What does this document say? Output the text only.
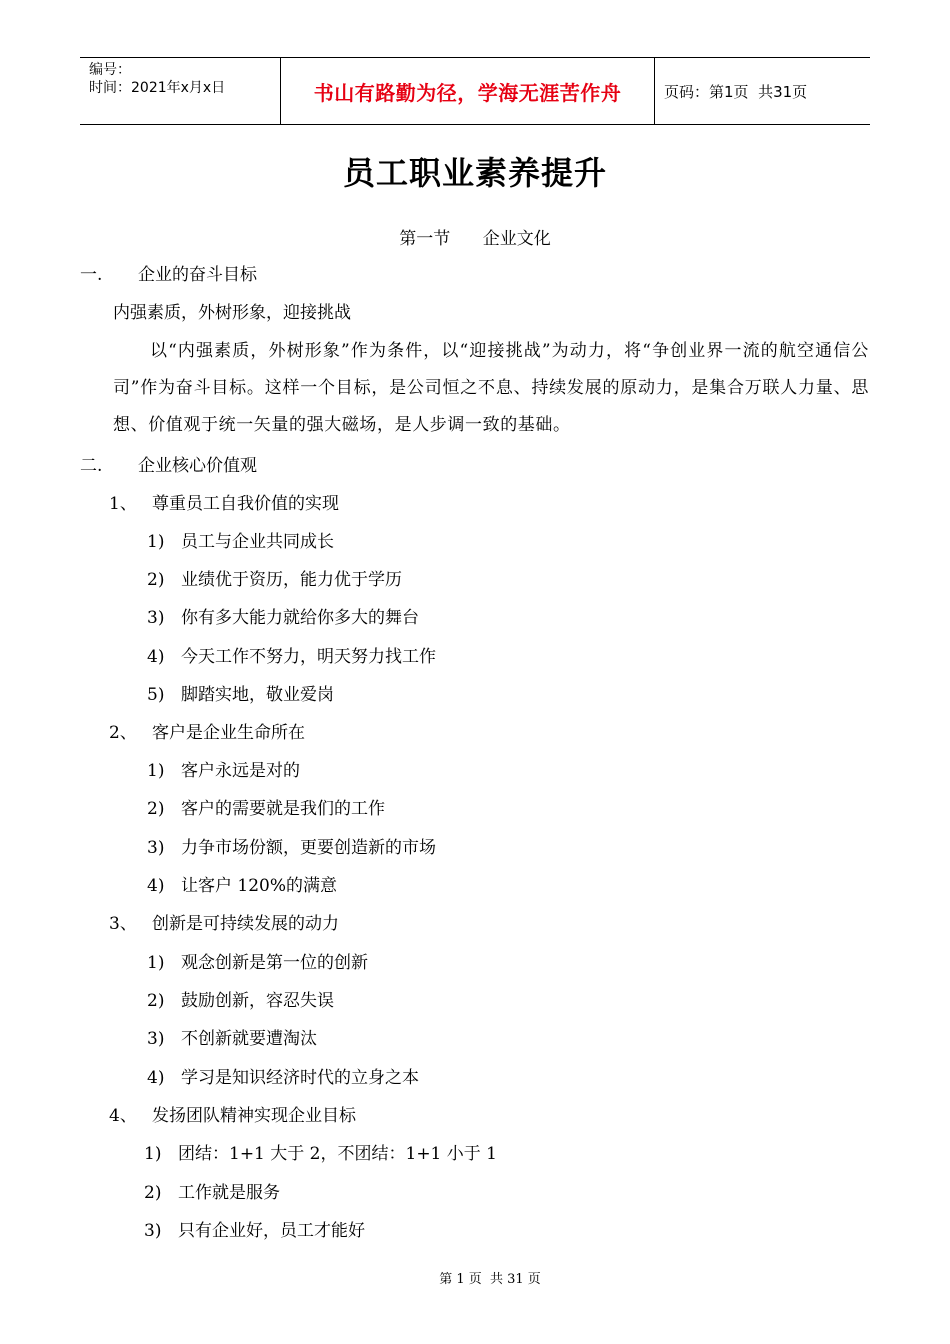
编号：
时间：2021年x月x日	书山有路勤为径，学海无涯苦作舟	页码：第1页  共31页
员工职业素养提升
第一节      企业文化
一. 企业的奋斗目标
内强素质，外树形象，迎接挑战
以“内强素质，外树形象”作为条件，以“迎接挑战”为动力，将“争创业界一流的航空通信公司”作为奋斗目标。这样一个目标，是公司恒之不息、持续发展的原动力，是集合万联人力量、思想、价值观于统一矢量的强大磁场，是人步调一致的基础。
二. 企业核心价值观
1、 尊重员工自我价值的实现
1) 员工与企业共同成长
2) 业绩优于资历，能力优于学历
3) 你有多大能力就给你多大的舞台
4) 今天工作不努力，明天努力找工作
5) 脚踏实地，敬业爱岗
2、 客户是企业生命所在
1) 客户永远是对的
2) 客户的需要就是我们的工作
3) 力争市场份额，更要创造新的市场
4) 让客户 120%的满意
3、 创新是可持续发展的动力
1) 观念创新是第一位的创新
2) 鼓励创新，容忍失误
3) 不创新就要遭淘汰
4) 学习是知识经济时代的立身之本
4、 发扬团队精神实现企业目标
1) 团结：1+1 大于 2，不团结：1+1 小于 1
2) 工作就是服务
3) 只有企业好，员工才能好
第 1 页  共 31 页
